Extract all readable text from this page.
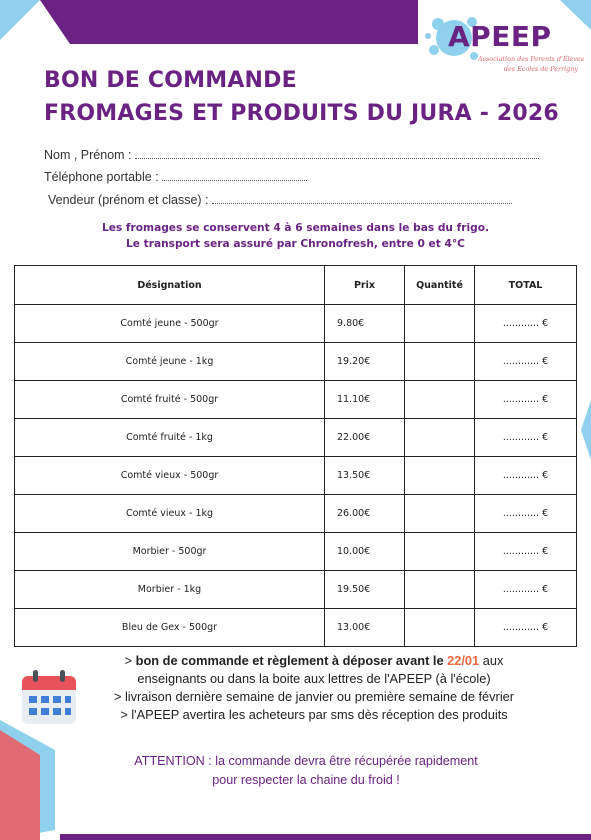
APEEP
Association des Parents d'Élèves
des Ecoles de Perrigny
BON DE COMMANDE
FROMAGES ET PRODUITS DU JURA - 2026
Nom , Prénom :
Téléphone portable :
Vendeur (prénom et classe) :
Les fromages se conservent 4 à 6 semaines dans le bas du frigo.
Le transport sera assuré par Chronofresh, entre 0 et 4°C
Désignation	Prix	Quantité	TOTAL
Comté jeune - 500gr	9.80€		............ €
Comté jeune - 1kg	19.20€		............ €
Comté fruité - 500gr	11.10€		............ €
Comté fruité - 1kg	22.00€		............ €
Comté vieux - 500gr	13.50€		............ €
Comté vieux - 1kg	26.00€		............ €
Morbier - 500gr	10.00€		............ €
Morbier - 1kg	19.50€		............ €
Bleu de Gex - 500gr	13.00€		............ €
> bon de commande et règlement à déposer avant le 22/01 aux
enseignants ou dans la boite aux lettres de l'APEEP (à l'école)
> livraison dernière semaine de janvier ou première semaine de février
> l'APEEP avertira les acheteurs par sms dès réception des produits
ATTENTION : la commande devra être récupérée rapidement
pour respecter la chaine du froid !
